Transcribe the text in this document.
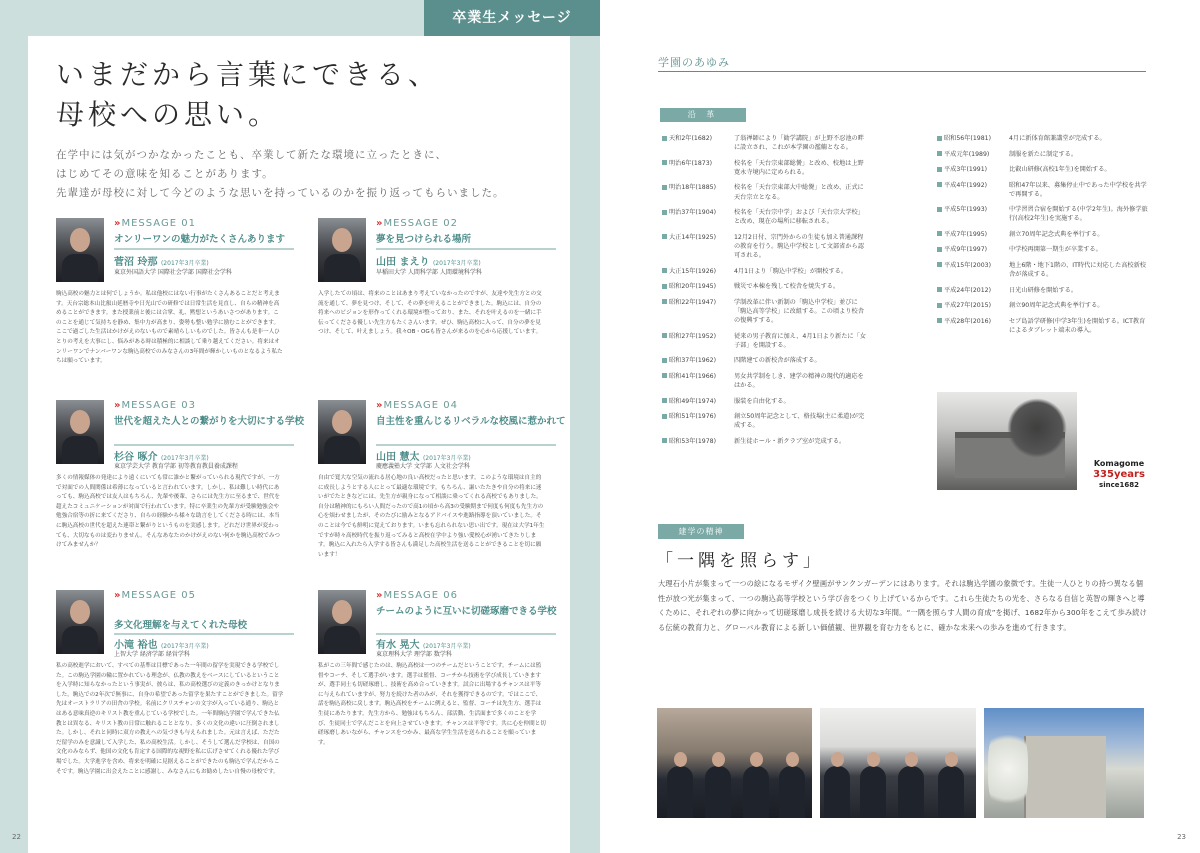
卒業生メッセージ
いまだから言葉にできる、
母校への思い。
在学中には気がつかなかったことも、卒業して新たな環境に立ったときに、
はじめてその意味を知ることがあります。
先輩達が母校に対して今どのような思いを持っているのかを振り返ってもらいました。
»MESSAGE 01
オンリーワンの魅力がたくさんあります
菅沼 玲那 (2017年3月卒業)
東京外国語大学 国際社会学部 国際社会学科
駒込高校の魅力とは何でしょうか。私は他校にはない行事がたくさんあることだと考えます。天台宗総本山比叡山延暦寺や日光山での研修では日常生活を見直し、自らの精神を高めることができます。また授業前と後には合掌、礼、黙想というあいさつがあります。このことを通じて気持ちを静め、集中力が高まり、姿勢も整い勉学に励むことができます。ここで過ごした生活はかけがえのないもので素晴らしいものでした。皆さんも是非一人ひとりの考えを大事にし、悩みがある時は積極的に相談して乗り越えてください。将来はオンリーワンでナンバーワンな駒込高校でのみなさんの3年間が輝かしいものとなるよう私たちは願っています。
»MESSAGE 02
夢を見つけられる場所
山田 まえり (2017年3月卒業)
早稲田大学 人間科学部 人間環境科学科
入学したての頃は、将来のことはあまり考えていなかったのですが、友達や先生方との交流を通して、夢を見つけ、そして、その夢を叶えることができました。駒込には、自分の将来へのビジョンを形作ってくれる環境が整っており、また、それを叶えるのを一緒に手伝ってくださる優しい先生方もたくさんいます。ぜひ、駒込高校に入って、自分の夢を見つけ、そして、叶えましょう。我々OB・OGも皆さんが来るのを心から応援しています。
»MESSAGE 03
世代を超えた人との繋がりを大切にする学校
杉谷 啄介 (2017年3月卒業)
東京学芸大学 教育学部 初等教育教員養成課程
多くの情報媒体の発達により遠くにいても常に誰かと繋がっていられる現代ですが、一方で対面での人間関係は希薄になっていると言われています。しかし、私は難しい時代にあっても、駒込高校では友人はもちろん、先輩や後輩、さらには先生方に至るまで、世代を超えたコミュニケーションが対面で行われています。特に卒業生の先輩方が受験勉強会や勉強合宿等の折に来てくださり、自らの経験から様々な助言をしてくださる時には、本当に駒込高校の世代を超えた連帯と繋がりというものを実感します。どれだけ世界が変わっても、大切なものは変わりません。そんなあなたのかけがえのない何かを駒込高校でみつけてみませんか？
»MESSAGE 04
自主性を重んじるリベラルな校風に惹かれて
山田 慧太 (2017年3月卒業)
慶應義塾大学 文学部 人文社会学科
自由で寛大な空気の流れる居心地の良い高校だったと思います。このような環境は自主的に成長しようとする人にとって最適な環境です。もちろん、謳いたたきや自分の将来に迷いがでたときなどには、先生方が親身になって相談に乗ってくれる高校でもありました。自分は精神的にもろい人間だったので高1の頃から高3の受験期まで何度も何度も先生方の心を煩わせましたが、そのたびに励みとなるアドバイスや進路指導を頂いていました。そのことは今でも鮮明に覚えております。いまも忘れられない思い出です。現在は大学1年生ですが時々高校時代を振り返ってみると高校在学中より強い愛校心が湧いてきたりします。駒込に入れたら入学する皆さんも満足した高校生活を送ることができることを切に願います！
»MESSAGE 05
多文化理解を与えてくれた母校
小滝 裕也 (2017年3月卒業)
上智大学 経済学部 経営学科
私の高校進学において、すべての基準は目標であった一年間の留学を実現できる学校でした。この駒込学園の輪に置かれている理念が、仏教の教えをベースにしているということを入学時に知らなかったという事実が、彼らは、私の高校選びの定義のきっかけとなりました。駒込での2年次で無事に、自身の希望であった留学を果たすことができました。留学先はオーストラリアの田舎の学校。名前にクリスチャンの文字が入っている通り、駒込とはある意味真逆のキリスト教を重んじている学校でした。一年間駒込学園で学んできた仏教とは異なる、キリスト教の日常に触れることとなり、多くの文化の違いに圧倒されました。しかし、それと同時に双方の教えへの気づきも与えられました。元は言えば、ただただ留学のみを意識して入学した、私の高校生活。しかし、そうして選んだ学校は、自国の文化のみならず、他国の文化も肯定する国際的な視野を私に広げさせてくれる優れた学び場でした。大学進学を含め、将来を明確に見据えることができたのも駒込で学んだからこそです。駒込学園に出会えたことに感謝し、みなさんにもお勧めしたい自慢の母校です。
»MESSAGE 06
チームのように互いに切磋琢磨できる学校
有水 晃大 (2017年3月卒業)
東京理科大学 理学部 数学科
私がこの三年間で感じたのは、駒込高校は一つのチームだということです。チームには監督やコーチ、そして選手がいます。選手は監督、コーチから技術を学び成長していきますが、選手同士も切磋琢磨し、技術を高め合っていきます。試合に出場するチャンスは平等に与えられていますが、努力を続けた者のみが、それを獲得できるのです。ではここで、話を駒込高校に戻します。駒込高校をチームに例えると、監督、コーチは先生方、選手は生徒にあたります。先生方から、勉強はもちろん、部活動、生活面まで多くのことを学び、生徒同士で学んだことを向上させていきます。チャンスは平等です。共に心を仲間と切磋琢磨しあいながら、チャンスをつかみ、最高な学生生活を送られることを願っています。
22
学園のあゆみ
沿 革
天和2年(1682)	了翁禅師により「勧学講院」が上野不忍池の畔に設立され、これが本学園の濫觴となる。
明治6年(1873)	校名を「天台宗東部総黌」と改め、校地は上野寛永寺境内に定められる。
明治18年(1885)	校名を「天台宗東部大中総黌」と改め、正式に天台宗立となる。
明治37年(1904)	校名を「天台宗中学」および「天台宗大学校」と改め、現在の場所に移転される。
大正14年(1925)	12月2日付、宗門外からの生徒も加え普通課程の教育を行う。駒込中学校として文部省から認可される。
大正15年(1926)	4月1日より「駒込中学校」が開校する。
昭和20年(1945)	戦災で本棟を残して校舎を焼失する。
昭和22年(1947)	学制改革に伴い新制の「駒込中学校」並びに「駒込高等学校」に改組する。この頃より校舎の復興すする。
昭和27年(1952)	従来の男子教育に加え、4月1日より新たに「女子部」を開設する。
昭和37年(1962)	四階建ての新校舎が落成する。
昭和41年(1966)	男女共学制をしき、建学の精神の現代的適応をはかる。
昭和49年(1974)	服装を自由化する。
昭和51年(1976)	創立50周年記念として、格技場(主に柔道)が完成する。
昭和53年(1978)	新生徒ホール・新クラブ室が完成する。
昭和56年(1981)	4月に新体育館兼講堂が完成する。
平成元年(1989)	制服を新たに制定する。
平成3年(1991)	比叡山研修(高校1年生)を開始する。
平成4年(1992)	昭和47年以来、募集停止中であった中学校を共学で再開する。
平成5年(1993)	中学習習合宿を開始する(中学2年生)。海外修学旅行(高校2年生)を実施する。
平成7年(1995)	創立70周年記念式典を挙行する。
平成9年(1997)	中学校再開第一期生が卒業する。
平成15年(2003)	地上6階・地下1階の、IT時代に対応した高校新校舎が落成する。
平成24年(2012)	日光山研修を開始する。
平成27年(2015)	創立90周年記念式典を挙行する。
平成28年(2016)	セブ島語学研修(中学3年生)を開始する。ICT教育によるタブレット端末の導入。
Komagome
335years
since1682
建学の精神
「一隅を照らす」
大理石小片が集まって一つの絵になるモザイク壁画がサンクンガーデンにはあります。それは駒込学園の象徴です。生徒一人ひとりの持つ異なる個性が放つ光が集まって、一つの駒込高等学校という学び舎をつくり上げているからです。これら生徒たちの光を、さらなる自信と英智の輝きへと導くために、それぞれの夢に向かって切磋琢磨し成長を続ける大切な3年間。“一隅を照らす人間の育成”を掲げ、1682年から300年をこえて歩み続ける伝統の教育力と、グローバル教育による新しい価値観、世界観を育む力をもとに、確かな未来への歩みを進めて行きます。
23
